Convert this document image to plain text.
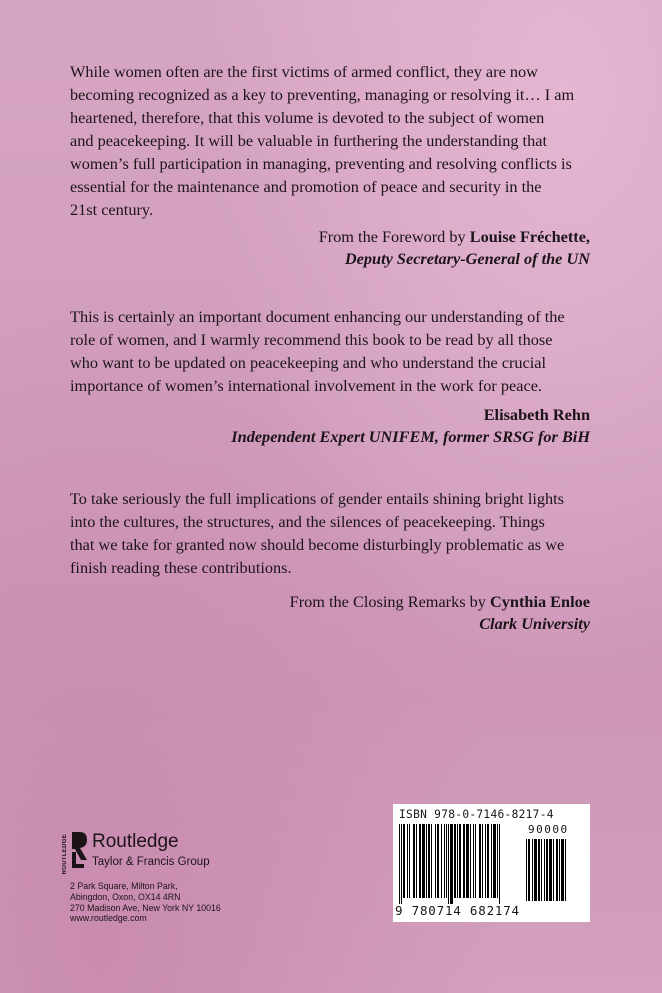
While women often are the first victims of armed conflict, they are now
becoming recognized as a key to preventing, managing or resolving it… I am
heartened, therefore, that this volume is devoted to the subject of women
and peacekeeping. It will be valuable in furthering the understanding that
women’s full participation in managing, preventing and resolving conflicts is
essential for the maintenance and promotion of peace and security in the
21st century.

From the Foreword by Louise Fréchette,
Deputy Secretary-General of the UN

This is certainly an important document enhancing our understanding of the
role of women, and I warmly recommend this book to be read by all those
who want to be updated on peacekeeping and who understand the crucial
importance of women’s international involvement in the work for peace.

Elisabeth Rehn
Independent Expert UNIFEM, former SRSG for BiH

To take seriously the full implications of gender entails shining bright lights
into the cultures, the structures, and the silences of peacekeeping. Things
that we take for granted now should become disturbingly problematic as we
finish reading these contributions.

From the Closing Remarks by Cynthia Enloe
Clark University
ROUTLEDGE Routledge
Taylor & Francis Group
2 Park Square, Milton Park,
Abingdon, Oxon, OX14 4RN
270 Madison Ave, New York NY 10016
www.routledge.com
ISBN 978-0-7146-8217-4
90000
9 780714 682174
